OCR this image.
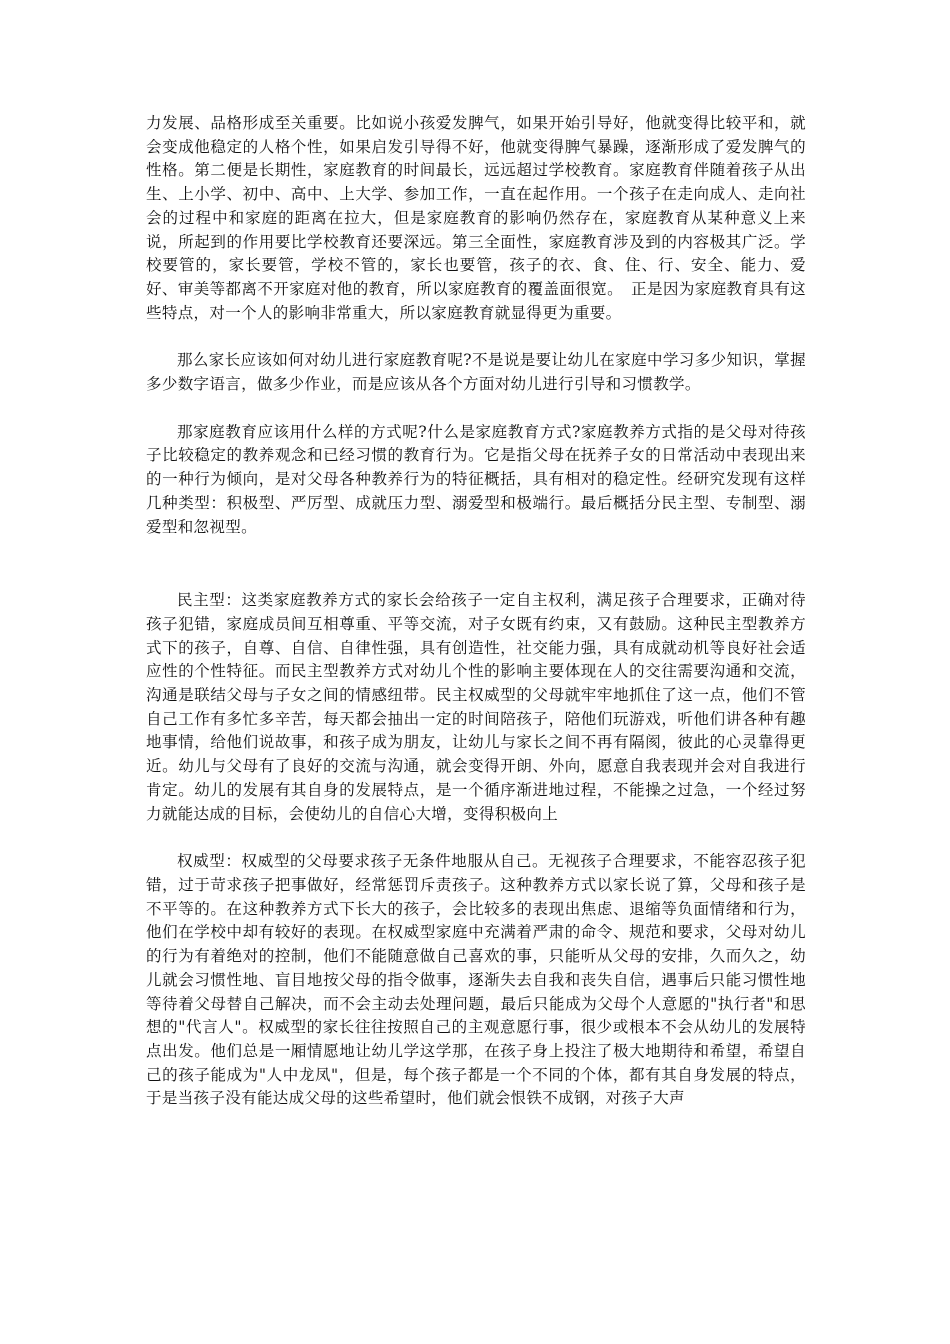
力发展、品格形成至关重要。比如说小孩爱发脾气，如果开始引导好，他就变得比较平和，就会变成他稳定的人格个性，如果启发引导得不好，他就变得脾气暴躁，逐渐形成了爱发脾气的性格。第二便是长期性，家庭教育的时间最长，远远超过学校教育。家庭教育伴随着孩子从出生、上小学、初中、高中、上大学、参加工作，一直在起作用。一个孩子在走向成人、走向社会的过程中和家庭的距离在拉大，但是家庭教育的影响仍然存在，家庭教育从某种意义上来说，所起到的作用要比学校教育还要深远。第三全面性，家庭教育涉及到的内容极其广泛。学校要管的，家长要管，学校不管的，家长也要管，孩子的衣、食、住、行、安全、能力、爱好、审美等都离不开家庭对他的教育，所以家庭教育的覆盖面很宽。　正是因为家庭教育具有这些特点，对一个人的影响非常重大，所以家庭教育就显得更为重要。

那么家长应该如何对幼儿进行家庭教育呢?不是说是要让幼儿在家庭中学习多少知识，掌握多少数字语言，做多少作业，而是应该从各个方面对幼儿进行引导和习惯教学。

那家庭教育应该用什么样的方式呢?什么是家庭教育方式?家庭教养方式指的是父母对待孩子比较稳定的教养观念和已经习惯的教育行为。它是指父母在抚养子女的日常活动中表现出来的一种行为倾向，是对父母各种教养行为的特征概括，具有相对的稳定性。经研究发现有这样几种类型：积极型、严厉型、成就压力型、溺爱型和极端行。最后概括分民主型、专制型、溺爱型和忽视型。

民主型：这类家庭教养方式的家长会给孩子一定自主权利，满足孩子合理要求，正确对待孩子犯错，家庭成员间互相尊重、平等交流，对子女既有约束，又有鼓励。这种民主型教养方式下的孩子，自尊、自信、自律性强，具有创造性，社交能力强，具有成就动机等良好社会适应性的个性特征。而民主型教养方式对幼儿个性的影响主要体现在人的交往需要沟通和交流，沟通是联结父母与子女之间的情感纽带。民主权威型的父母就牢牢地抓住了这一点，他们不管自己工作有多忙多辛苦，每天都会抽出一定的时间陪孩子，陪他们玩游戏，听他们讲各种有趣地事情，给他们说故事，和孩子成为朋友，让幼儿与家长之间不再有隔阂，彼此的心灵靠得更近。幼儿与父母有了良好的交流与沟通，就会变得开朗、外向，愿意自我表现并会对自我进行肯定。幼儿的发展有其自身的发展特点，是一个循序渐进地过程，不能操之过急，一个经过努力就能达成的目标，会使幼儿的自信心大增，变得积极向上

权威型：权威型的父母要求孩子无条件地服从自己。无视孩子合理要求，不能容忍孩子犯错，过于苛求孩子把事做好，经常惩罚斥责孩子。这种教养方式以家长说了算，父母和孩子是不平等的。在这种教养方式下长大的孩子，会比较多的表现出焦虑、退缩等负面情绪和行为，他们在学校中却有较好的表现。在权威型家庭中充满着严肃的命令、规范和要求，父母对幼儿的行为有着绝对的控制，他们不能随意做自己喜欢的事，只能听从父母的安排，久而久之，幼儿就会习惯性地、盲目地按父母的指令做事，逐渐失去自我和丧失自信，遇事后只能习惯性地等待着父母替自己解决，而不会主动去处理问题，最后只能成为父母个人意愿的"执行者"和思想的"代言人"。权威型的家长往往按照自己的主观意愿行事，很少或根本不会从幼儿的发展特点出发。他们总是一厢情愿地让幼儿学这学那，在孩子身上投注了极大地期待和希望，希望自己的孩子能成为"人中龙凤"，但是，每个孩子都是一个不同的个体，都有其自身发展的特点，于是当孩子没有能达成父母的这些希望时，他们就会恨铁不成钢，对孩子大声
